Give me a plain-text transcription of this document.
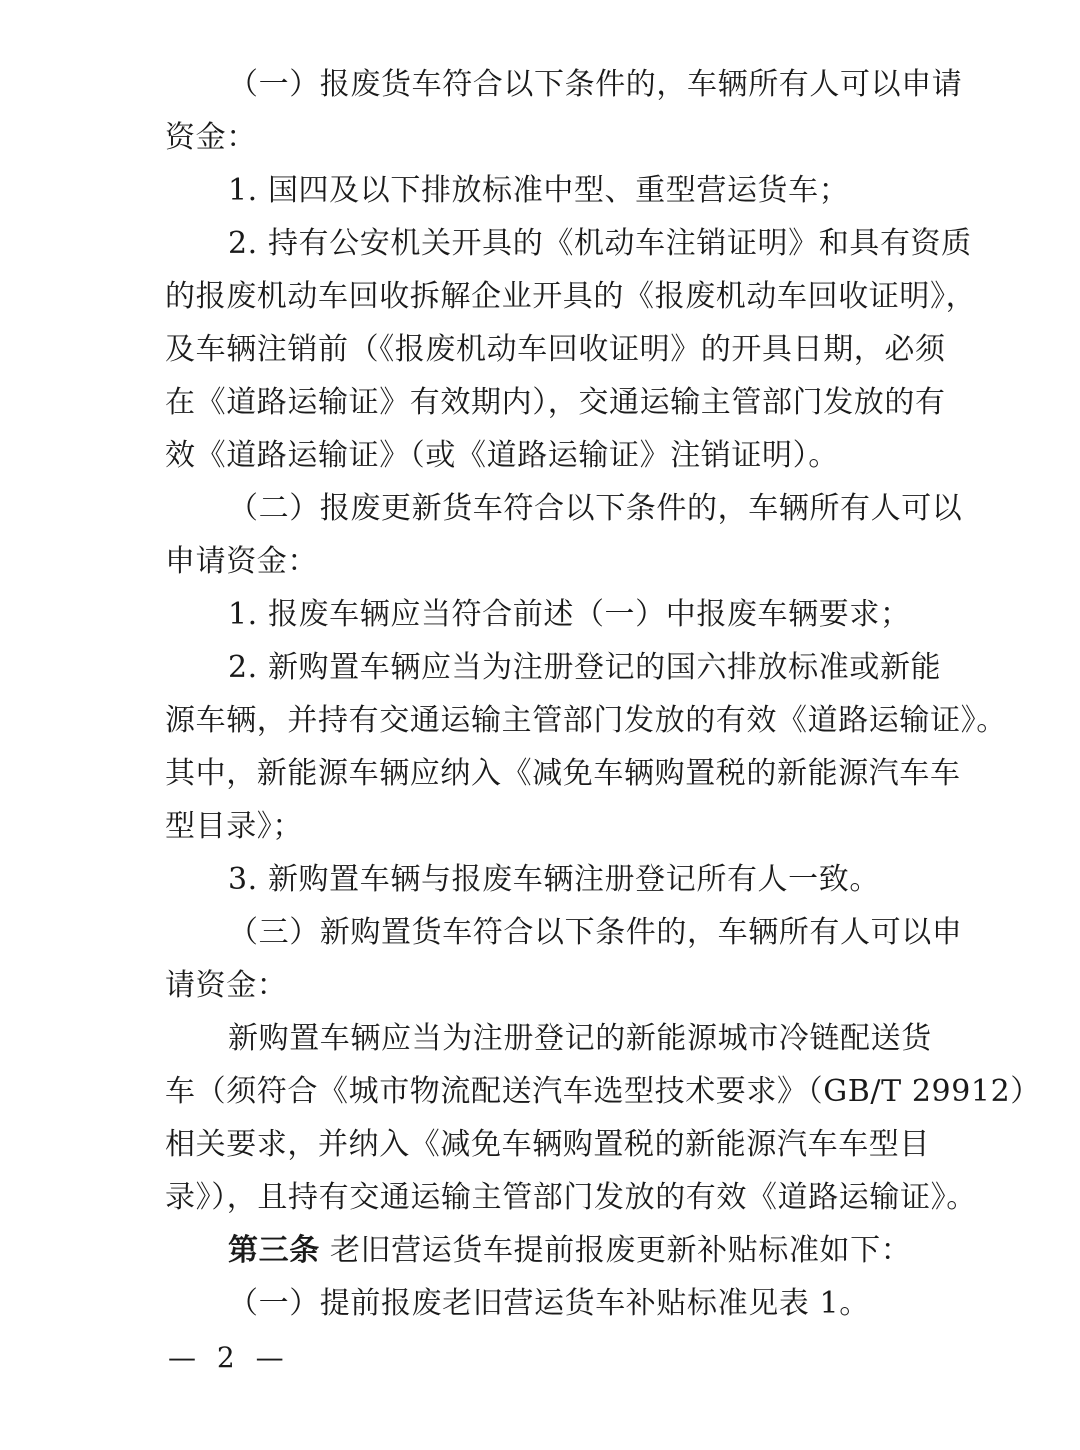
（一）报废货车符合以下条件的，车辆所有人可以申请
资金：
1. 国四及以下排放标准中型、重型营运货车；
2. 持有公安机关开具的《机动车注销证明》和具有资质
的报废机动车回收拆解企业开具的《报废机动车回收证明》，
及车辆注销前（《报废机动车回收证明》的开具日期，必须
在《道路运输证》有效期内），交通运输主管部门发放的有
效《道路运输证》（或《道路运输证》注销证明）。
（二）报废更新货车符合以下条件的，车辆所有人可以
申请资金：
1. 报废车辆应当符合前述（一）中报废车辆要求；
2. 新购置车辆应当为注册登记的国六排放标准或新能
源车辆，并持有交通运输主管部门发放的有效《道路运输证》。
其中，新能源车辆应纳入《减免车辆购置税的新能源汽车车
型目录》；
3. 新购置车辆与报废车辆注册登记所有人一致。
（三）新购置货车符合以下条件的，车辆所有人可以申
请资金：
新购置车辆应当为注册登记的新能源城市冷链配送货
车（须符合《城市物流配送汽车选型技术要求》（GB/T 29912）
相关要求，并纳入《减免车辆购置税的新能源汽车车型目
录》），且持有交通运输主管部门发放的有效《道路运输证》。
第三条 老旧营运货车提前报废更新补贴标准如下：
（一）提前报废老旧营运货车补贴标准见表 1。
— 2 —
